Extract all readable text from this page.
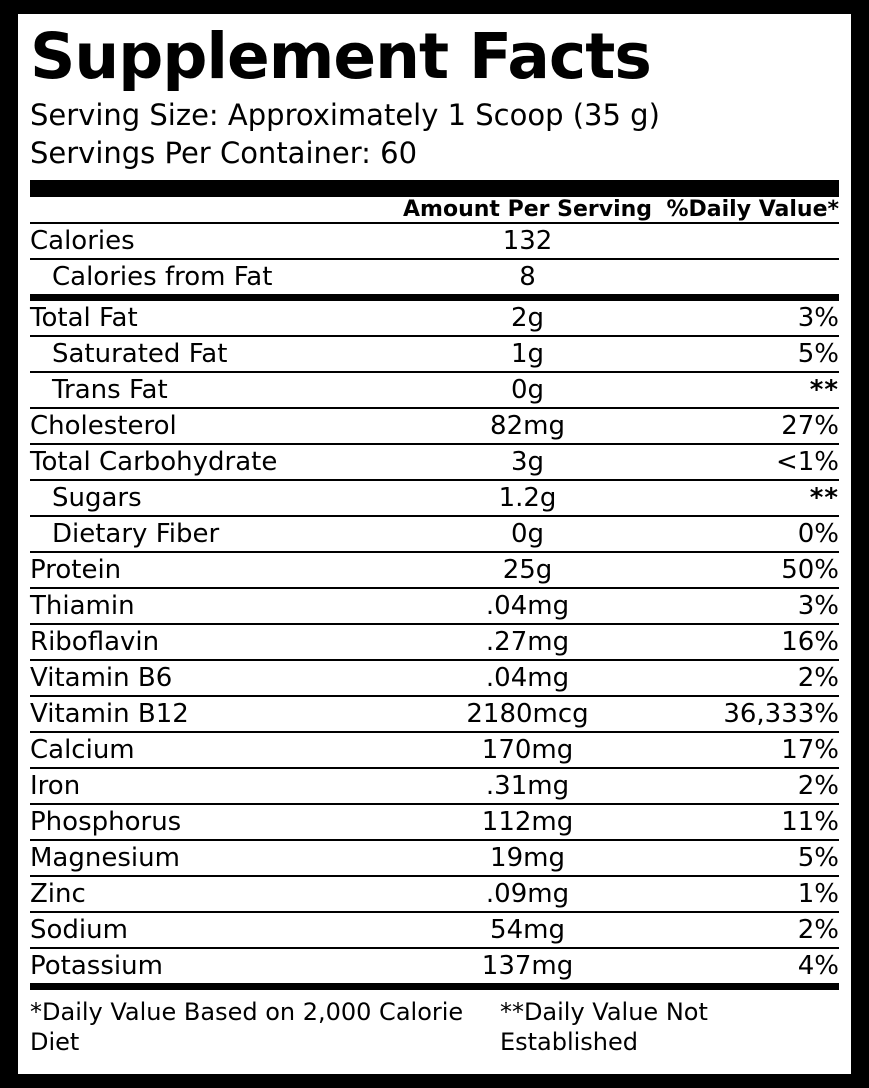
Supplement Facts

Serving Size: Approximately 1 Scoop (35 g)

Servings Per Container: 60

	Amount Per Serving	%Daily Value*

Calories	132	

Calories from Fat	8	

Total Fat	2g	3%

Saturated Fat	1g	5%

Trans Fat	0g	**

Cholesterol	82mg	27%

Total Carbohydrate	3g	<1%

Sugars	1.2g	**

Dietary Fiber	0g	0%

Protein	25g	50%

Thiamin	.04mg	3%

Riboflavin	.27mg	16%

Vitamin B6	.04mg	2%

Vitamin B12	2180mcg	36,333%

Calcium	170mg	17%

Iron	.31mg	2%

Phosphorus	112mg	11%

Magnesium	19mg	5%

Zinc	.09mg	1%

Sodium	54mg	2%

Potassium	137mg	4%
*Daily Value Based on 2,000 Calorie Diet
**Daily Value Not Established
